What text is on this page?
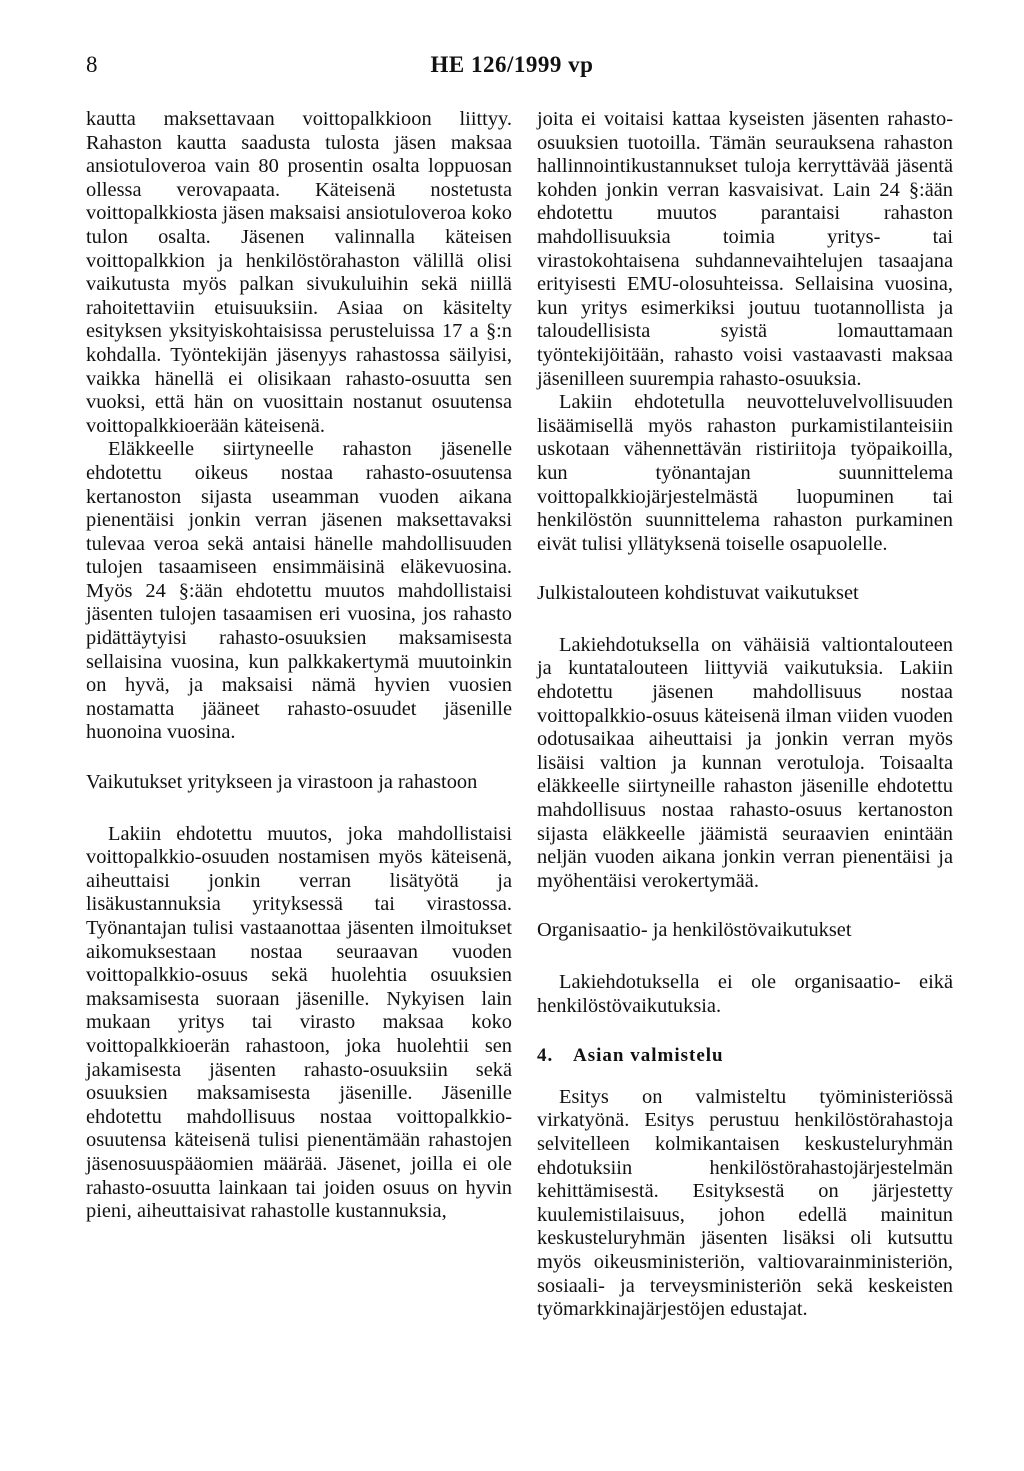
8	HE 126/1999 vp

kautta maksettavaan voittopalkkioon liittyy. Rahaston kautta saadusta tulosta jäsen maksaa ansiotuloveroa vain 80 prosentin osalta loppuosan ollessa verovapaata. Käteisenä nostetusta voittopalkkiosta jäsen maksaisi ansiotuloveroa koko tulon osalta. Jäsenen valinnalla käteisen voittopalkkion ja henkilöstörahaston välillä olisi vaikutusta myös palkan sivukuluihin sekä niillä rahoitettaviin etuisuuksiin. Asiaa on käsitelty esityksen yksityiskohtaisissa perusteluissa 17 a §:n kohdalla. Työntekijän jäsenyys rahastossa säilyisi, vaikka hänellä ei olisikaan rahasto-osuutta sen vuoksi, että hän on vuosittain nostanut osuutensa voittopalkkioerään käteisenä.

Eläkkeelle siirtyneelle rahaston jäsenelle ehdotettu oikeus nostaa rahasto-osuutensa kertanoston sijasta useamman vuoden aikana pienentäisi jonkin verran jäsenen maksettavaksi tulevaa veroa sekä antaisi hänelle mahdollisuuden tulojen tasaamiseen ensimmäisinä eläkevuosina. Myös 24 §:ään ehdotettu muutos mahdollistaisi jäsenten tulojen tasaamisen eri vuosina, jos rahasto pidättäytyisi rahasto-osuuksien maksamisesta sellaisina vuosina, kun palkkakertymä muutoinkin on hyvä, ja maksaisi nämä hyvien vuosien nostamatta jääneet rahasto-osuudet jäsenille huonoina vuosina.

Vaikutukset yritykseen ja virastoon ja rahastoon

Lakiin ehdotettu muutos, joka mahdollistaisi voittopalkkio-osuuden nostamisen myös käteisenä, aiheuttaisi jonkin verran lisätyötä ja lisäkustannuksia yrityksessä tai virastossa. Työnantajan tulisi vastaanottaa jäsenten ilmoitukset aikomuksestaan nostaa seuraavan vuoden voittopalkkio-osuus sekä huolehtia osuuksien maksamisesta suoraan jäsenille. Nykyisen lain mukaan yritys tai virasto maksaa koko voittopalkkioerän rahastoon, joka huolehtii sen jakamisesta jäsenten rahasto-osuuksiin sekä osuuksien maksamisesta jäsenille. Jäsenille ehdotettu mahdollisuus nostaa voittopalkkio-osuutensa käteisenä tulisi pienentämään rahastojen jäsenosuuspääomien määrää. Jäsenet, joilla ei ole rahasto-osuutta lainkaan tai joiden osuus on hyvin pieni, aiheuttaisivat rahastolle kustannuksia,

joita ei voitaisi kattaa kyseisten jäsenten rahasto-osuuksien tuotoilla. Tämän seurauksena rahaston hallinnointikustannukset tuloja kerryttävää jäsentä kohden jonkin verran kasvaisivat. Lain 24 §:ään ehdotettu muutos parantaisi rahaston mahdollisuuksia toimia yritys- tai virastokohtaisena suhdannevaihtelujen tasaajana erityisesti EMU-olosuhteissa. Sellaisina vuosina, kun yritys esimerkiksi joutuu tuotannollista ja taloudellisista syistä lomauttamaan työntekijöitään, rahasto voisi vastaavasti maksaa jäsenilleen suurempia rahasto-osuuksia.

Lakiin ehdotetulla neuvotteluvelvollisuuden lisäämisellä myös rahaston purkamistilanteisiin uskotaan vähennettävän ristiriitoja työpaikoilla, kun työnantajan suunnittelema voittopalkkiojärjestelmästä luopuminen tai henkilöstön suunnittelema rahaston purkaminen eivät tulisi yllätyksenä toiselle osapuolelle.

Julkistalouteen kohdistuvat vaikutukset

Lakiehdotuksella on vähäisiä valtiontalouteen ja kuntatalouteen liittyviä vaikutuksia. Lakiin ehdotettu jäsenen mahdollisuus nostaa voittopalkkio-osuus käteisenä ilman viiden vuoden odotusaikaa aiheuttaisi ja jonkin verran myös lisäisi valtion ja kunnan verotuloja. Toisaalta eläkkeelle siirtyneille rahaston jäsenille ehdotettu mahdollisuus nostaa rahasto-osuus kertanoston sijasta eläkkeelle jäämistä seuraavien enintään neljän vuoden aikana jonkin verran pienentäisi ja myöhentäisi verokertymää.

Organisaatio- ja henkilöstövaikutukset

Lakiehdotuksella ei ole organisaatio- eikä henkilöstövaikutuksia.

4. Asian valmistelu

Esitys on valmisteltu työministeriössä virkatyönä. Esitys perustuu henkilöstörahastoja selvitelleen kolmikantaisen keskusteluryhmän ehdotuksiin henkilöstörahastojärjestelmän kehittämisestä. Esityksestä on järjestetty kuulemistilaisuus, johon edellä mainitun keskusteluryhmän jäsenten lisäksi oli kutsuttu myös oikeusministeriön, valtiovarainministeriön, sosiaali- ja terveysministeriön sekä keskeisten työmarkkinajärjestöjen edustajat.
